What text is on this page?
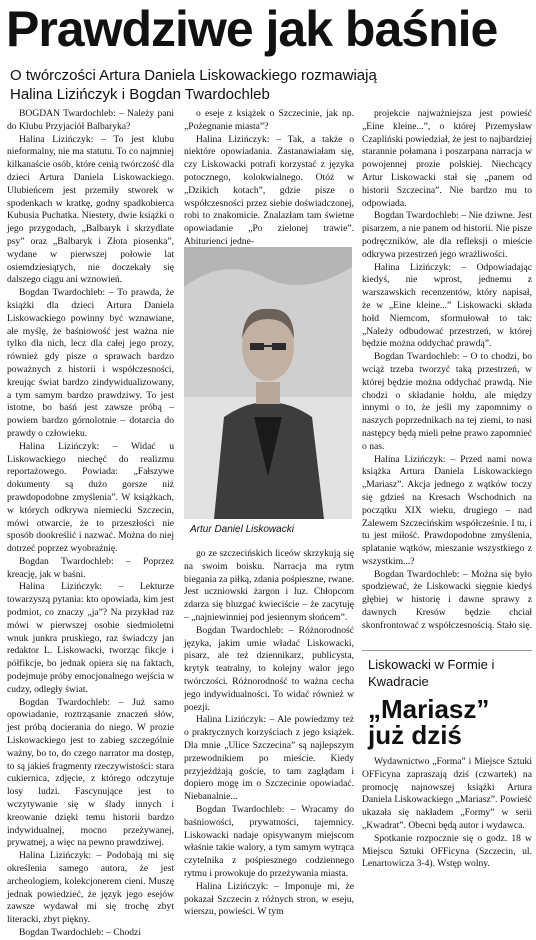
Prawdziwe jak baśnie
O twórczości Artura Daniela Liskowackiego rozmawiają Halina Lizińczyk i Bogdan Twardochleb

BOGDAN Twardochleb: – Należy pani do Klubu Przyjaciół Balbaryka?

Halina Lizińczyk: – To jest klubu nieformalny, nie ma statutu. To co najmniej kilkanaście osób, które cenią twórczość dla dzieci Artura Daniela Liskowackiego. Ulubieńcem jest przemiły stworek w spodenkach w kratkę, godny spadkobierca Kubusia Puchatka. Niestety, dwie książki o jego przygodach, „Balbaryk i skrzydlate psy” oraz „Balbaryk i Złota piosenka”, wydane w pierwszej połowie lat osiemdziesiątych, nie doczekały się dalszego ciągu ani wznowień.

Bogdan Twardochleb: – To prawda, że książki dla dzieci Artura Daniela Liskowackiego powinny być wznawiane, ale myślę, że baśniowość jest ważna nie tylko dla nich, lecz dla całej jego prozy, również gdy pisze o sprawach bardzo poważnych z historii i współczesności, kreując świat bardzo zindywidualizowany, a tym samym bardzo prawdziwy. To jest istotne, bo baśń jest zawsze próbą – powiem bardzo górnolotnie – dotarcia do prawdy o człowieku.

Halina Lizińczyk: – Widać u Liskowackiego niechęć do realizmu reportażowego. Powiada: „Fałszywe dokumenty są dużo gorsze niż prawdopodobne zmyślenia”. W książkach, w których odkrywa niemiecki Szczecin, mówi otwarcie, że to przeszłości nie sposób dookreślić i nazwać. Można do niej dotrzeć poprzez wyobraźnię.

Bogdan Twardochleb: – Poprzez kreację, jak w baśni.

Halina Lizińczyk: – Lekturze towarzyszą pytania: kto opowiada, kim jest podmiot, co znaczy „ja”? Na przykład raz mówi w pierwszej osobie siedmioletni wnuk junkra pruskiego, raz świadczy jan redaktor L. Liskowacki, tworząc fikcje i półfikcje, bo jednak opiera się na faktach, podejmuje próby emocjonalnego wejścia w cudzy, odległy świat.

Bogdan Twardochleb: – Już samo opowiadanie, roztrząsanie znaczeń słów, jest próbą docierania do niego. W prozie Liskowackiego jest to zabieg szczególnie ważny, bo to, do czego narrator ma dostęp, to są jakieś fragmenty rzeczywistości: stara cukiernica, zdjęcie, z którego odczytuje losy ludzi. Fascynujące jest to wczytywanie się w ślady innych i kreowanie dzięki temu historii bardzo indywidualnej, mocno przeżywanej, prywatnej, a więc na pewno prawdziwej.

Halina Lizińczyk: – Podobają mi się określenia samego autora, że jest archeologiem, kolekcjonerem cieni. Muszę jednak powiedzieć, że język jego esejów zawsze wydawał mi się trochę zbyt literacki, zbyt piękny.

Bogdan Twardochleb: – Chodzi

o eseje z książek o Szczecinie, jak np. „Pożegnanie miasta”?

Halina Lizińczyk: – Tak, a także o niektóre opowiadania. Zastanawiałam się, czy Liskowacki potrafi korzystać z języka potocznego, kolokwialnego. Otóż w „Dzikich kotach”, gdzie pisze o współczesności przez siebie doświadczonej, robi to znakomicie. Znalazłam tam świetne opowiadanie „Po zielonej trawie”. Abiturienci jedne-

Artur Daniel Liskowacki

go ze szczecińskich liceów skrzykują się na swoim boisku. Narracja ma rytm biegania za piłką, zdania pośpieszne, rwane. Jest uczniowski żargon i luz. Chłopcom zdarza się bluzgać kwieciście – że zacytuję – „najniewinniej pod jesiennym słońcem”.

Bogdan Twardochleb: – Różnorodność języka, jakim umie władać Liskowacki, pisarz, ale też dziennikarz, publicysta, krytyk teatralny, to kolejny walor jego twórczości. Różnorodność to ważna cecha jego indywidualności. To widać również w poezji.

Halina Lizińczyk: – Ale powiedzmy też o praktycznych korzyściach z jego książek. Dla mnie „Ulice Szczecina” są najlepszym przewodnikiem po mieście. Kiedy przyjeżdżają goście, to tam zaglądam i dopiero mogę im o Szczecinie opowiadać. Niebanalnie...

Bogdan Twardochleb: – Wracamy do baśniowości, prywatności, tajemnicy. Liskowacki nadaje opisywanym miejscom właśnie takie walory, a tym samym wytrąca czytelnika z pośpiesznego codziennego rytmu i prowokuje do przeżywania miasta.

Halina Lizińczyk: – Imponuje mi, że pokazał Szczecin z różnych stron, w eseju, wierszu, powieści. W tym

projekcie najważniejsza jest powieść „Eine kleine...”, o której Przemysław Czapliński powiedział, że jest to najbardziej starannie połamana i poszarpana narracja w powojennej prozie polskiej. Niechcący Artur Liskowacki stał się „panem od historii Szczecina”. Nie bardzo mu to odpowiada.

Bogdan Twardochleb: – Nie dziwne. Jest pisarzem, a nie panem od historii. Nie pisze podręczników, ale dla refleksji o mieście odkrywa przestrzeń jego wrażliwości.

Halina Lizińczyk: – Odpowiadając kiedyś, nie wprost, jednemu z warszawskich recenzentów, który napisał, że w „Eine kleine...” Liskowacki składa hołd Niemcom, sformułował to tak: „Należy odbudować przestrzeń, w której będzie można oddychać prawdą”.

Bogdan Twardochleb: – O to chodzi, bo wciąż trzeba tworzyć taką przestrzeń, w której będzie można oddychać prawdą. Nie chodzi o składanie hołdu, ale między innymi o to, że jeśli my zapomnimy o naszych poprzednikach na tej ziemi, to nasi następcy będą mieli pełne prawo zapomnieć o nas.

Halina Lizińczyk: – Przed nami nowa książka Artura Daniela Liskowackiego „Mariasz”. Akcja jednego z wątków toczy się gdzieś na Kresach Wschodnich na początku XIX wieku, drugiego – nad Zalewem Szczecińskim współcześnie. I tu, i tu jest miłość. Prawdopodobne zmyślenia, splatanie wątków, mieszanie wszystkiego z wszystkim...?

Bogdan Twardochleb: – Można się było spodziewać, że Liskowacki sięgnie kiedyś głębiej w historię i dawne sprawy z dawnych Kresów będzie chciał skonfrontować z współczesnością. Stało się.

Liskowacki w Formie i Kwadracie
„Mariasz” już dziś

Wydawnictwo „Forma” i Miejsce Sztuki OFFicyna zapraszają dziś (czwartek) na promocję najnowszej książki Artura Daniela Liskowackiego „Mariasz”. Powieść ukazała się nakładem „Formy” w serii „Kwadrat”. Obecni będą autor i wydawca.

Spotkanie rozpocznie się o godz. 18 w Miejscu Sztuki OFFicyna (Szczecin, ul. Lenartowicza 3-4). Wstęp wolny.
